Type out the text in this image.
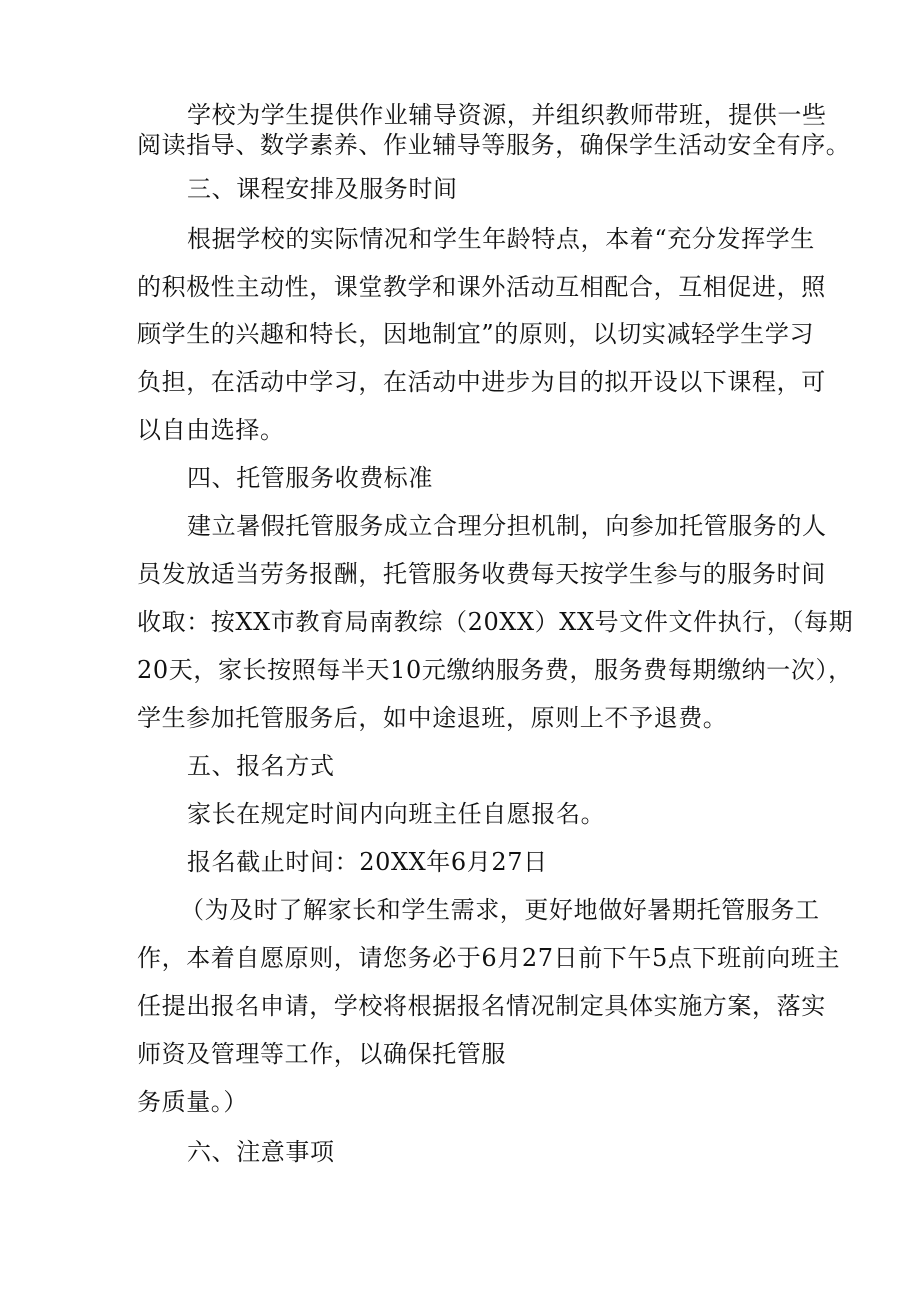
学校为学生提供作业辅导资源，并组织教师带班，提供一些
阅读指导、数学素养、作业辅导等服务，确保学生活动安全有序。
三、课程安排及服务时间
根据学校的实际情况和学生年龄特点，本着“充分发挥学生
的积极性主动性，课堂教学和课外活动互相配合，互相促进，照
顾学生的兴趣和特长，因地制宜”的原则，以切实减轻学生学习
负担，在活动中学习，在活动中进步为目的拟开设以下课程，可
以自由选择。
四、托管服务收费标准
建立暑假托管服务成立合理分担机制，向参加托管服务的人
员发放适当劳务报酬，托管服务收费每天按学生参与的服务时间
收取：按XX市教育局南教综（20XX）XX号文件文件执行，（每期
20天，家长按照每半天10元缴纳服务费，服务费每期缴纳一次），
学生参加托管服务后，如中途退班，原则上不予退费。
五、报名方式
家长在规定时间内向班主任自愿报名。
报名截止时间：20XX年6月27日
（为及时了解家长和学生需求，更好地做好暑期托管服务工
作，本着自愿原则，请您务必于6月27日前下午5点下班前向班主
任提出报名申请，学校将根据报名情况制定具体实施方案，落实
师资及管理等工作，以确保托管服
务质量。）
六、注意事项
